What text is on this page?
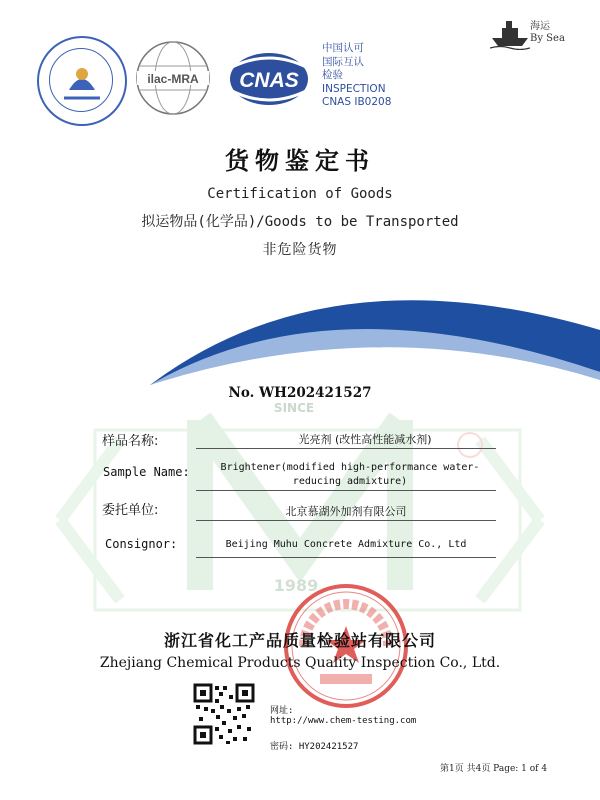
SINCE
1989
ilac-MRA CNAS
中国认可
国际互认
检验
INSPECTION
CNAS IB0208
海运
By Sea
货物鉴定书
Certification of Goods
拟运物品(化学品)/Goods to be Transported
非危险货物
No. WH202421527
样品名称:	光亮剂 (改性高性能减水剂)
Sample Name:	Brightener(modified high-performance water-
reducing admixture)
委托单位:	北京慕湖外加剂有限公司
Consignor:	Beijing Muhu Concrete Admixture Co., Ltd
浙江省化工产品质量检验站有限公司
Zhejiang Chemical Products Quality Inspection Co., Ltd.
网址:
http://www.chem-testing.com
密码: HY202421527
第1页 共4页 Page: 1 of 4
